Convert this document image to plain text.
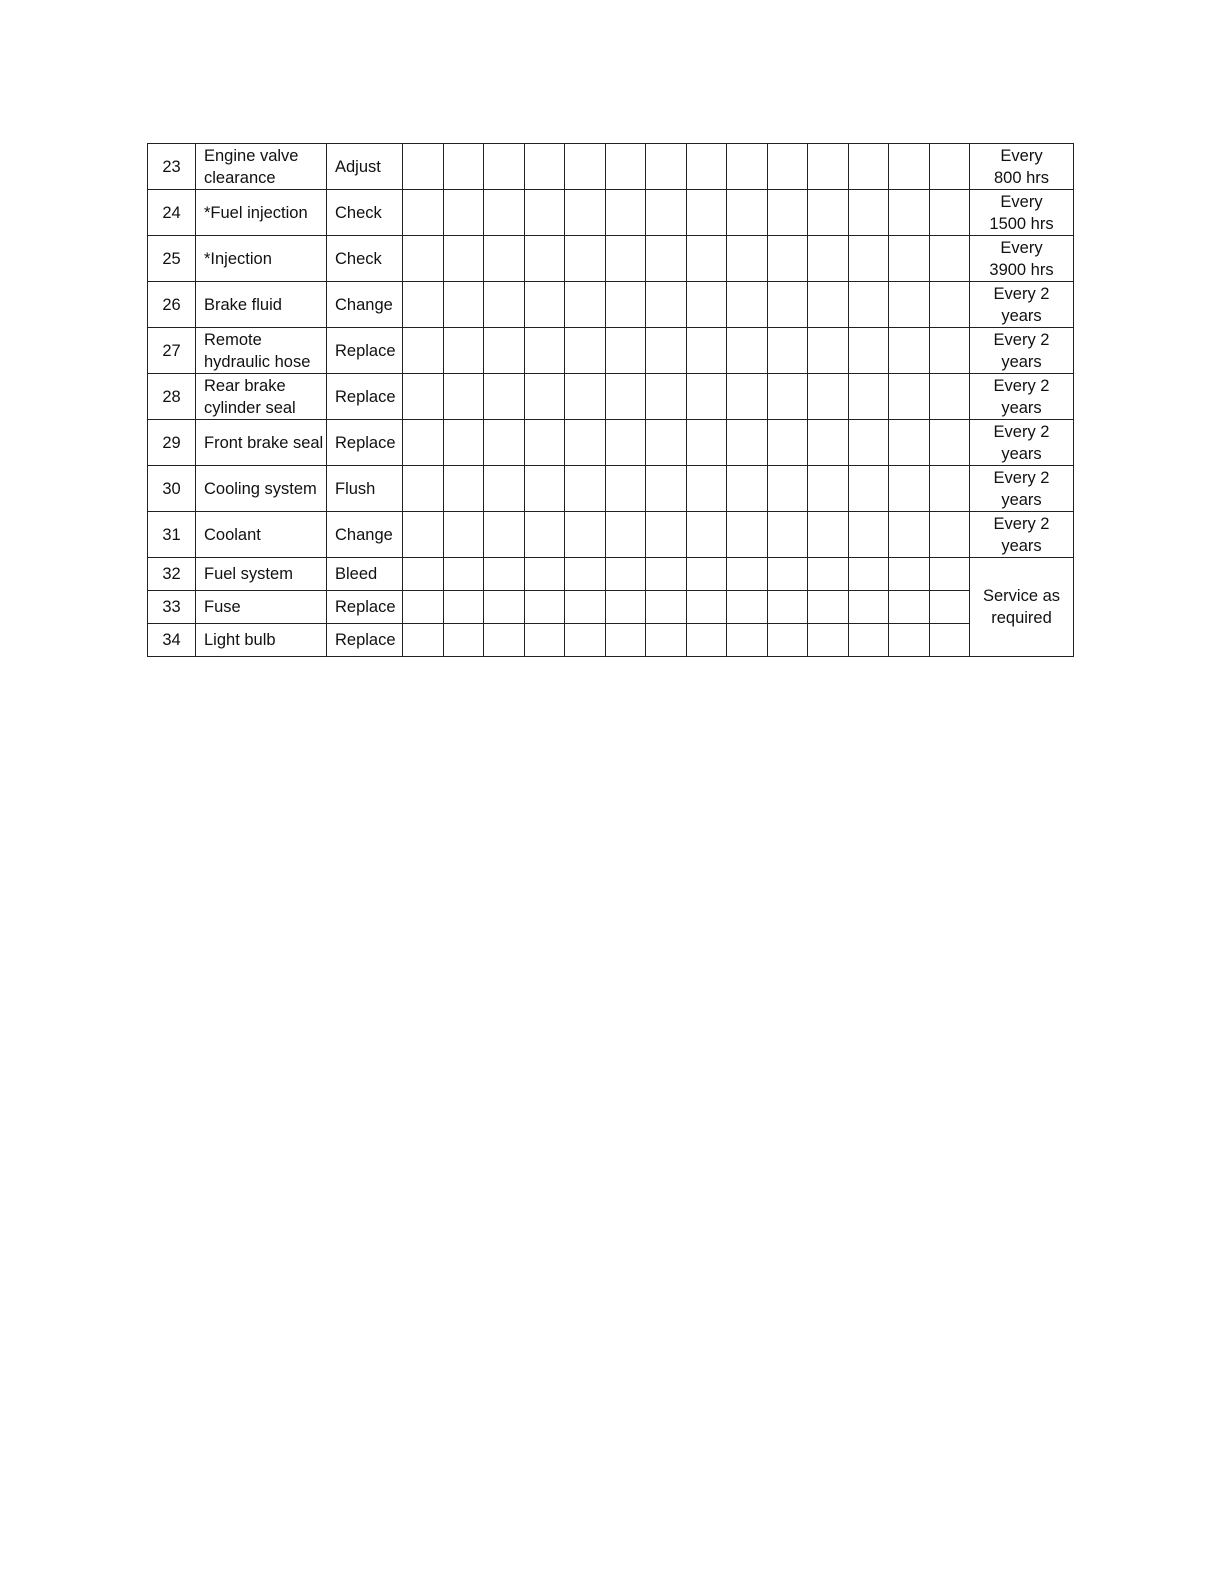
23	Engine valve
clearance	Adjust															Every
800 hrs

24	*Fuel injection	Check															Every
1500 hrs

25	*Injection	Check															Every
3900 hrs

26	Brake fluid	Change															Every 2
years

27	Remote
hydraulic hose	Replace															Every 2
years

28	Rear brake
cylinder seal	Replace															Every 2
years

29	Front brake seal	Replace															Every 2
years

30	Cooling system	Flush															Every 2
years

31	Coolant	Change															Every 2
years

32	Fuel system	Bleed															Service as
required

33	Fuse	Replace															
34	Light bulb	Replace															
